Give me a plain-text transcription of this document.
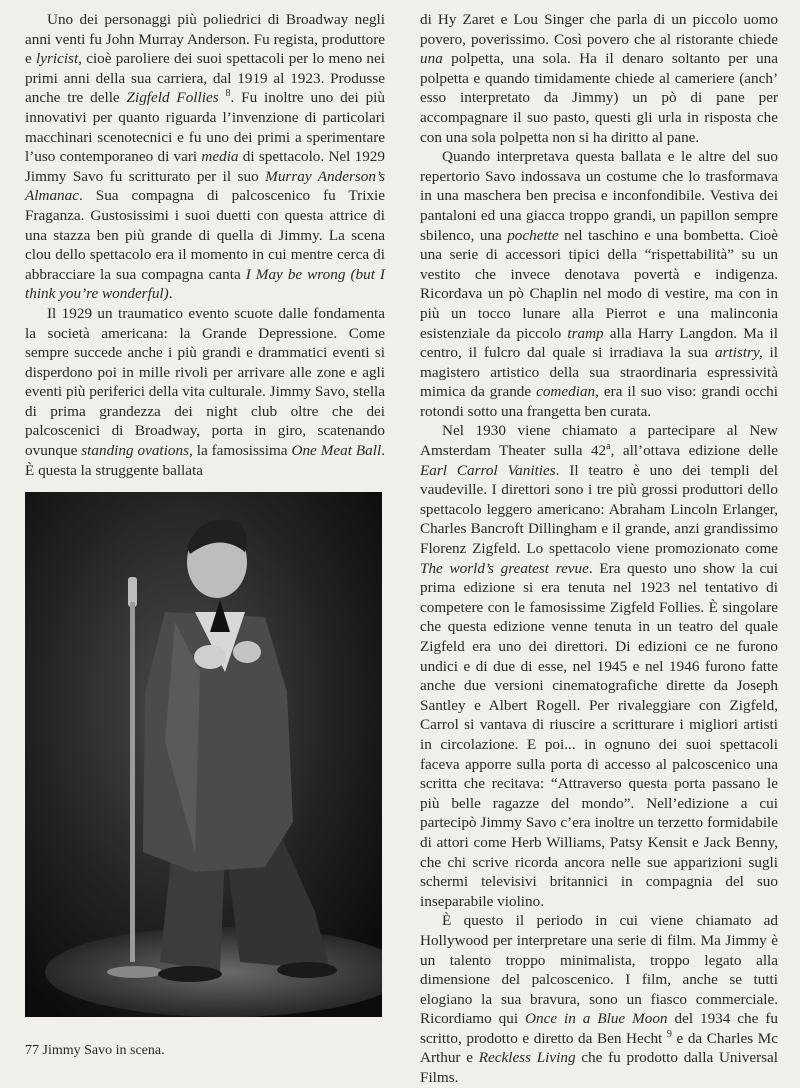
Uno dei personaggi più poliedrici di Broadway negli anni venti fu John Murray Anderson. Fu regista, produttore e lyricist, cioè paroliere dei suoi spettacoli per lo meno nei primi anni della sua carriera, dal 1919 al 1923. Produsse anche tre delle Zigfeld Follies $^8$. Fu inoltre uno dei più innovativi per quanto riguarda l’invenzione di particolari macchinari scenotecnici e fu uno dei primi a sperimentare l’uso contemporaneo di vari media di spettacolo. Nel 1929 Jimmy Savo fu scritturato per il suo Murray Anderson’s Almanac. Sua compagna di palcoscenico fu Trixie Fraganza. Gustosissimi i suoi duetti con questa attrice di una stazza ben più grande di quella di Jimmy. La scena clou dello spettacolo era il momento in cui mentre cerca di abbracciare la sua compagna canta I May be wrong (but I think you’re wonderful).

Il 1929 un traumatico evento scuote dalle fondamenta la società americana: la Grande Depressione. Come sempre succede anche i più grandi e drammatici eventi si disperdono poi in mille rivoli per arrivare alle zone e agli eventi più periferici della vita culturale. Jimmy Savo, stella di prima grandezza dei night club oltre che dei palcoscenici di Broadway, porta in giro, scatenando ovunque standing ovations, la famosissima One Meat Ball. È questa la struggente ballata

77 Jimmy Savo in scena.

di Hy Zaret e Lou Singer che parla di un piccolo uomo povero, poverissimo. Così povero che al ristorante chiede una polpetta, una sola. Ha il denaro soltanto per una polpetta e quando timidamente chiede al cameriere (anch’ esso interpretato da Jimmy) un pò di pane per accompagnare il suo pasto, questi gli urla in risposta che con una sola polpetta non si ha diritto al pane.

Quando interpretava questa ballata e le altre del suo repertorio Savo indossava un costume che lo trasformava in una maschera ben precisa e inconfondibile. Vestiva dei pantaloni ed una giacca troppo grandi, un papillon sempre sbilenco, una pochette nel taschino e una bombetta. Cioè una serie di accessori tipici della “rispettabilità” su un vestito che invece denotava povertà e indigenza. Ricordava un pò Chaplin nel modo di vestire, ma con in più un tocco lunare alla Pierrot e una malinconia esistenziale da piccolo tramp alla Harry Langdon. Ma il centro, il fulcro dal quale si irradiava la sua artistry, il magistero artistico della sua straordinaria espressività mimica da grande comedian, era il suo viso: grandi occhi rotondi sotto una frangetta ben curata.

Nel 1930 viene chiamato a partecipare al New Amsterdam Theater sulla 42$^a$, all’ottava edizione delle Earl Carrol Vanities. Il teatro è uno dei templi del vaudeville. I direttori sono i tre più grossi produttori dello spettacolo leggero americano: Abraham Lincoln Erlanger, Charles Bancroft Dillingham e il grande, anzi grandissimo Florenz Zigfeld. Lo spettacolo viene promozionato come The world’s greatest revue. Era questo uno show la cui prima edizione si era tenuta nel 1923 nel tentativo di competere con le famosissime Zigfeld Follies. È singolare che questa edizione venne tenuta in un teatro del quale Zigfeld era uno dei direttori. Di edizioni ce ne furono undici e di due di esse, nel 1945 e nel 1946 furono fatte anche due versioni cinematografiche dirette da Joseph Santley e Albert Rogell. Per rivaleggiare con Zigfeld, Carrol si vantava di riuscire a scritturare i migliori artisti in circolazione. E poi... in ognuno dei suoi spettacoli faceva apporre sulla porta di accesso al palcoscenico una scritta che recitava: “Attraverso questa porta passano le più belle ragazze del mondo”. Nell’edizione a cui partecipò Jimmy Savo c’era inoltre un terzetto formidabile di attori come Herb Williams, Patsy Kensit e Jack Benny, che chi scrive ricorda ancora nelle sue apparizioni sugli schermi televisivi britannici in compagnia del suo inseparabile violino.

È questo il periodo in cui viene chiamato ad Hollywood per interpretare una serie di film. Ma Jimmy è un talento troppo minimalista, troppo legato alla dimensione del palcoscenico. I film, anche se tutti elogiano la sua bravura, sono un fiasco commerciale. Ricordiamo qui Once in a Blue Moon del 1934 che fu scritto, prodotto e diretto da Ben Hecht $^9$ e da Charles Mc Arthur e Reckless Living che fu prodotto dalla Universal Films.
